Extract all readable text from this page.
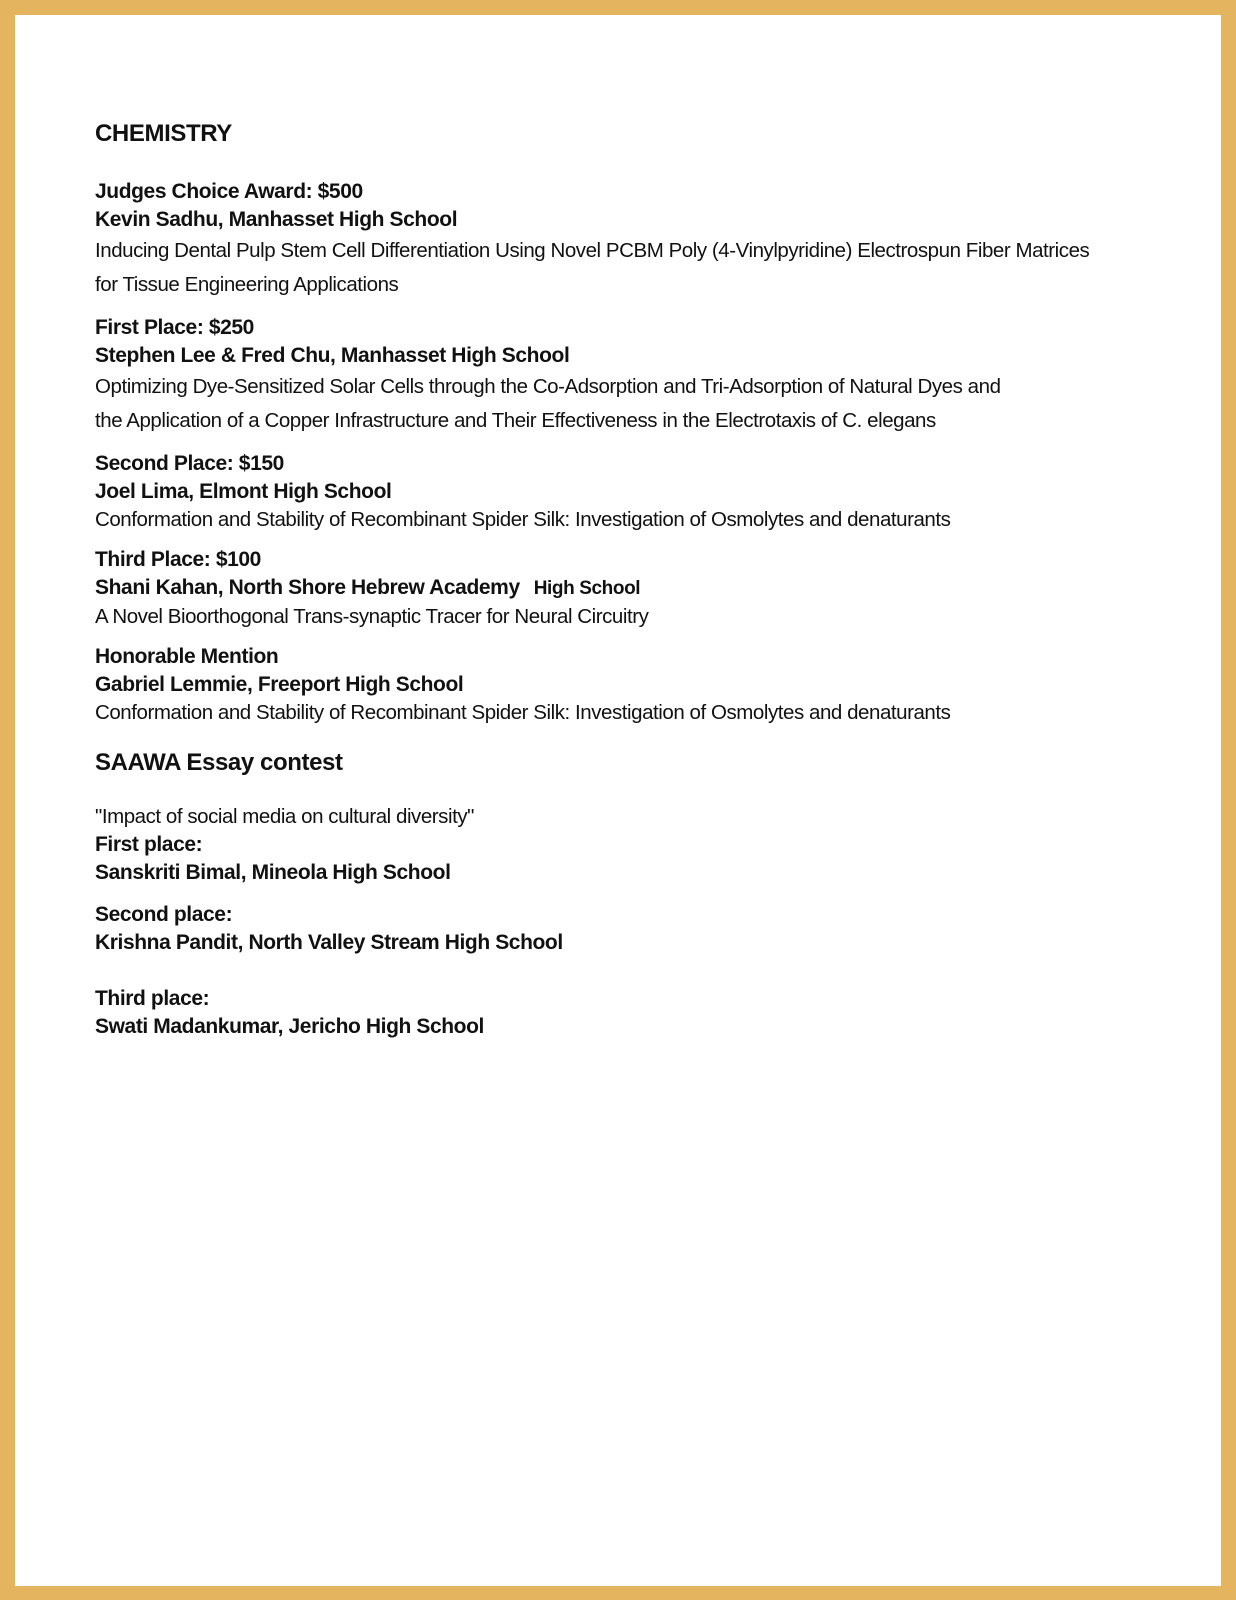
CHEMISTRY
Judges Choice Award: $500
Kevin Sadhu, Manhasset High School
Inducing Dental Pulp Stem Cell Differentiation Using Novel PCBM Poly (4-Vinylpyridine) Electrospun Fiber Matrices
for Tissue Engineering Applications
First Place: $250
Stephen Lee & Fred Chu, Manhasset High School
Optimizing Dye-Sensitized Solar Cells through the Co-Adsorption and Tri-Adsorption of Natural Dyes and
the Application of a Copper Infrastructure and Their Effectiveness in the Electrotaxis of C. elegans
Second Place: $150
Joel Lima, Elmont High School
Conformation and Stability of Recombinant Spider Silk: Investigation of Osmolytes and denaturants
Third Place: $100
Shani Kahan, North Shore Hebrew Academy High School
A Novel Bioorthogonal Trans-synaptic Tracer for Neural Circuitry
Honorable Mention
Gabriel Lemmie, Freeport High School
Conformation and Stability of Recombinant Spider Silk: Investigation of Osmolytes and denaturants
SAAWA Essay contest
"Impact of social media on cultural diversity"
First place:
Sanskriti Bimal, Mineola High School
Second place:
Krishna Pandit, North Valley Stream High School
Third place:
Swati Madankumar, Jericho High School
